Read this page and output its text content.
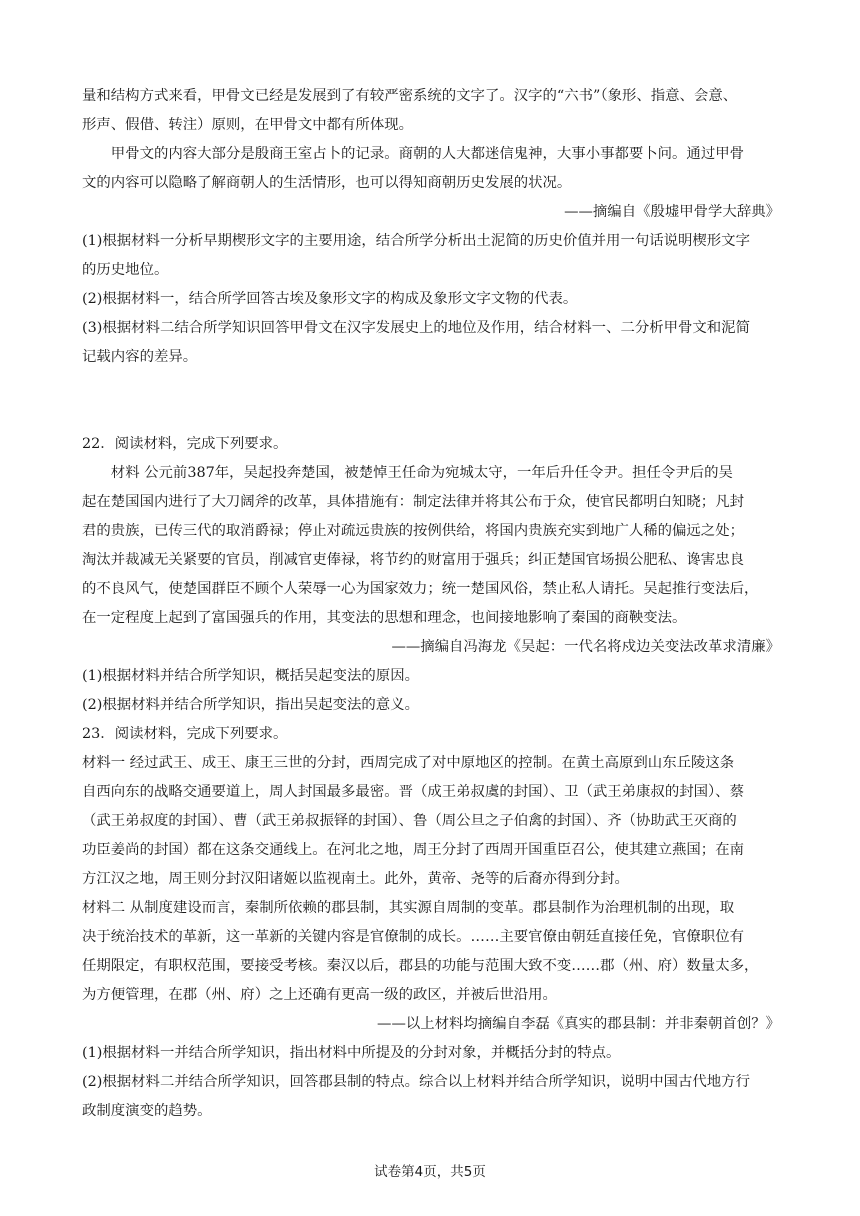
量和结构方式来看，甲骨文已经是发展到了有较严密系统的文字了。汉字的“六书”（象形、指意、会意、

形声、假借、转注）原则，在甲骨文中都有所体现。

甲骨文的内容大部分是殷商王室占卜的记录。商朝的人大都迷信鬼神，大事小事都要卜问。通过甲骨

文的内容可以隐略了解商朝人的生活情形，也可以得知商朝历史发展的状况。

——摘编自《殷墟甲骨学大辞典》

(1)根据材料一分析早期楔形文字的主要用途，结合所学分析出土泥简的历史价值并用一句话说明楔形文字

的历史地位。

(2)根据材料一，结合所学回答古埃及象形文字的构成及象形文字文物的代表。

(3)根据材料二结合所学知识回答甲骨文在汉字发展史上的地位及作用，结合材料一、二分析甲骨文和泥简

记载内容的差异。

22．阅读材料，完成下列要求。

材料 公元前387年，吴起投奔楚国，被楚悼王任命为宛城太守，一年后升任令尹。担任令尹后的吴

起在楚国国内进行了大刀阔斧的改革，具体措施有：制定法律并将其公布于众，使官民都明白知晓；凡封

君的贵族，已传三代的取消爵禄；停止对疏远贵族的按例供给，将国内贵族充实到地广人稀的偏远之处；

淘汰并裁减无关紧要的官员，削减官吏俸禄，将节约的财富用于强兵；纠正楚国官场损公肥私、谗害忠良

的不良风气，使楚国群臣不顾个人荣辱一心为国家效力；统一楚国风俗，禁止私人请托。吴起推行变法后，

在一定程度上起到了富国强兵的作用，其变法的思想和理念，也间接地影响了秦国的商鞅变法。

——摘编自冯海龙《吴起：一代名将戍边关变法改革求清廉》

(1)根据材料并结合所学知识，概括吴起变法的原因。

(2)根据材料并结合所学知识，指出吴起变法的意义。

23．阅读材料，完成下列要求。

材料一 经过武王、成王、康王三世的分封，西周完成了对中原地区的控制。在黄土高原到山东丘陵这条

自西向东的战略交通要道上，周人封国最多最密。晋（成王弟叔虞的封国）、卫（武王弟康叔的封国）、蔡

（武王弟叔度的封国）、曹（武王弟叔振铎的封国）、鲁（周公旦之子伯禽的封国）、齐（协助武王灭商的

功臣姜尚的封国）都在这条交通线上。在河北之地，周王分封了西周开国重臣召公，使其建立燕国；在南

方江汉之地，周王则分封汉阳诸姬以监视南土。此外，黄帝、尧等的后裔亦得到分封。

材料二 从制度建设而言，秦制所依赖的郡县制，其实源自周制的变革。郡县制作为治理机制的出现，取

决于统治技术的革新，这一革新的关键内容是官僚制的成长。……主要官僚由朝廷直接任免，官僚职位有

任期限定，有职权范围，要接受考核。秦汉以后，郡县的功能与范围大致不变……郡（州、府）数量太多，

为方便管理，在郡（州、府）之上还确有更高一级的政区，并被后世沿用。

——以上材料均摘编自李磊《真实的郡县制：并非秦朝首创？》

(1)根据材料一并结合所学知识，指出材料中所提及的分封对象，并概括分封的特点。

(2)根据材料二并结合所学知识，回答郡县制的特点。综合以上材料并结合所学知识，说明中国古代地方行

政制度演变的趋势。

试卷第4页，共5页
